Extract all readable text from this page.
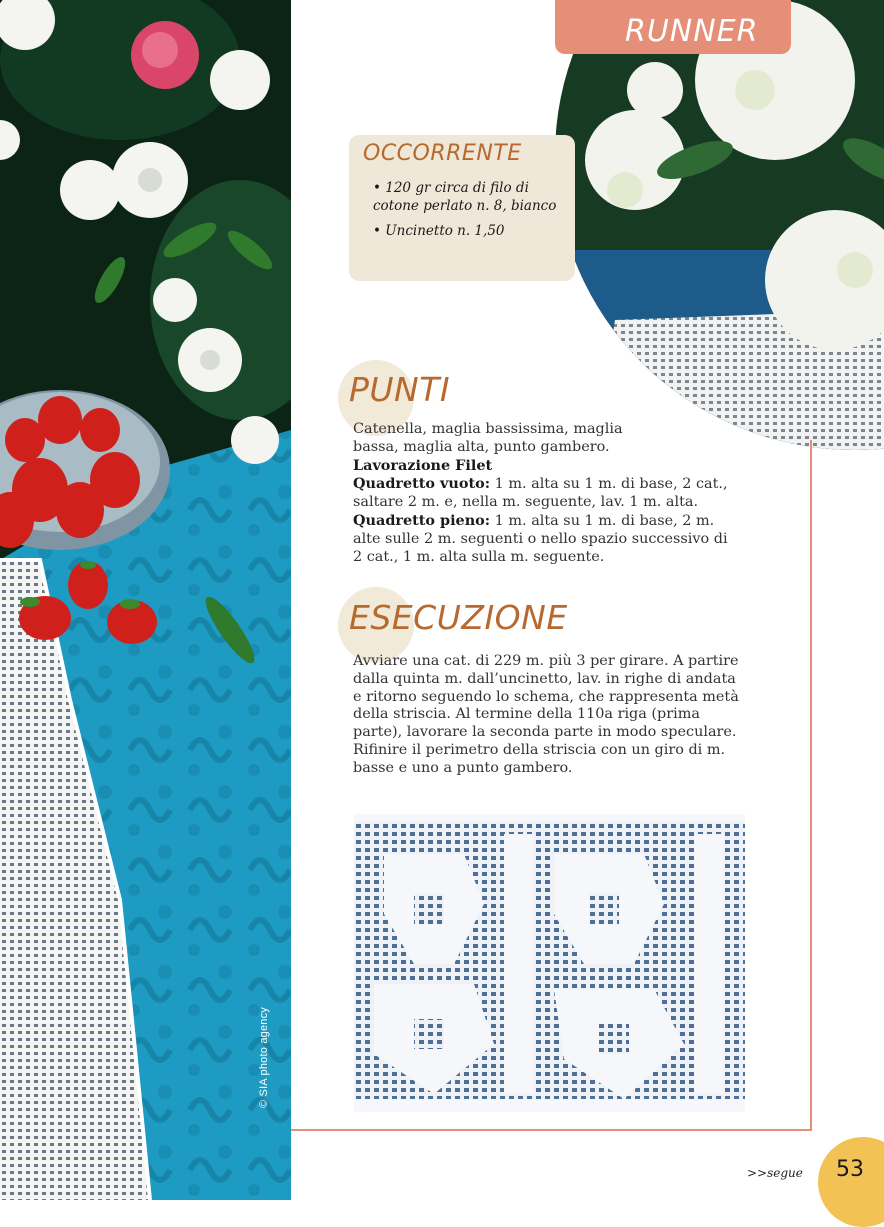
© SIA photo agency
RUNNER
OCCORRENTE
• 120 gr circa di filo di cotone perlato n. 8, bianco
• Uncinetto n. 1,50
PUNTI

Catenella, maglia bassissima, maglia bassa, maglia alta, punto gambero.

Lavorazione Filet

Quadretto vuoto: 1 m. alta su 1 m. di base, 2 cat., saltare 2 m. e, nella m. seguente, lav. 1 m. alta.

Quadretto pieno: 1 m. alta su 1 m. di base, 2 m. alte sulle 2 m. seguenti o nello spazio successivo di 2 cat., 1 m. alta sulla m. seguente.

ESECUZIONE

Avviare una cat. di 229 m. più 3 per girare. A partire dalla quinta m. dall’uncinetto, lav. in righe di andata e ritorno seguendo lo schema, che rappresenta metà della striscia. Al termine della 110a riga (prima parte), lavorare la seconda parte in modo speculare. Rifinire il perimetro della striscia con un giro di m. basse e uno a punto gambero.

>>segue 53
